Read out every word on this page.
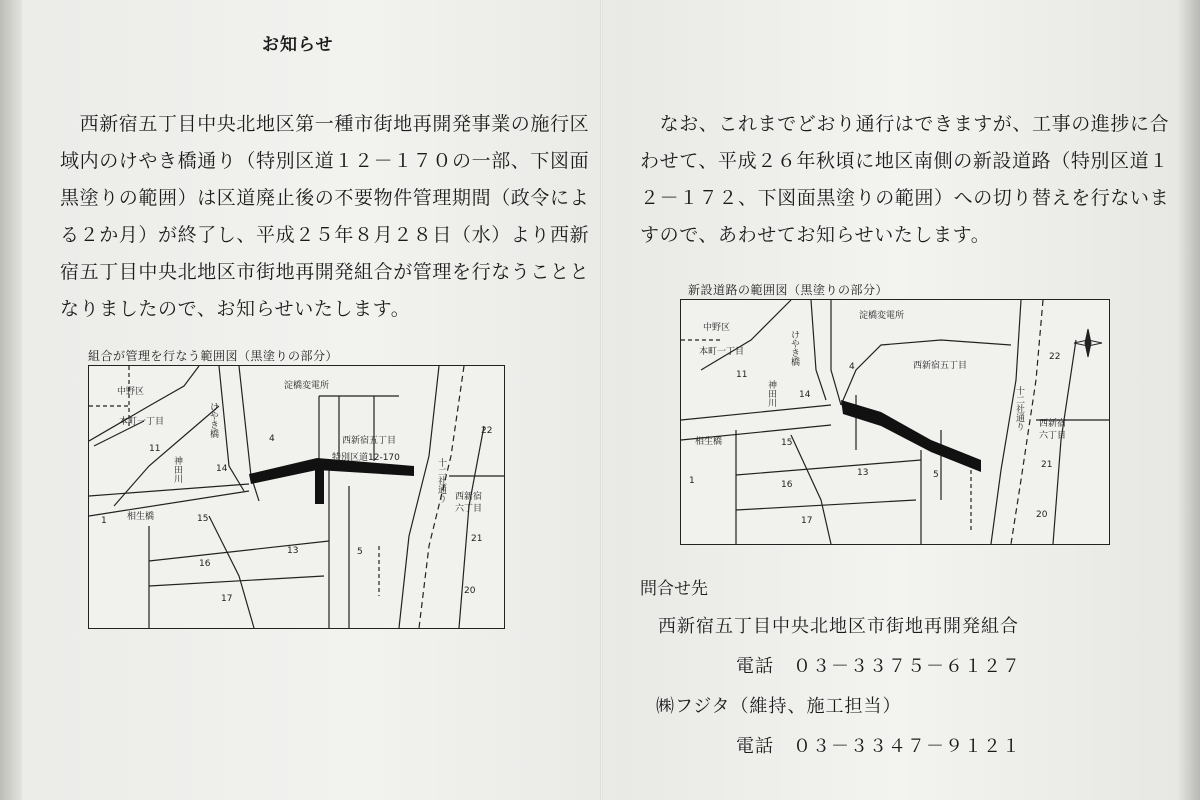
お知らせ
　西新宿五丁目中央北地区第一種市街地再開発事業の施行区
域内のけやき橋通り（特別区道１２－１７０の一部、下図面
黒塗りの範囲）は区道廃止後の不要物件管理期間（政令によ
る２か月）が終了し、平成２５年８月２８日（水）より西新
宿五丁目中央北地区市街地再開発組合が管理を行なうことと
なりましたので、お知らせいたします。
　なお、これまでどおり通行はできますが、工事の進捗に合
わせて、平成２６年秋頃に地区南側の新設道路（特別区道１
２－１７２、下図面黒塗りの範囲）への切り替えを行ないま
すので、あわせてお知らせいたします。
組合が管理を行なう範囲図（黒塗りの部分）
中野区
本町一丁目
11
淀橋変電所
けやき橋
4	西新宿五丁目
特別区道12-170
22
神田川	14	十二社通り 西新宿
六丁目
1 相生橋	15
21
13	5
16
17
20
新設道路の範囲図（黒塗りの部分）
淀橋変電所
中野区
本町一丁目
11
けやき橋
4	西新宿五丁目
22
神田川	14	十二社通り 西新宿
六丁目
相生橋	15
13
21
16
5
1
17
20
問合せ先
西新宿五丁目中央北地区市街地再開発組合
電話　０３－３３７５－６１２７
㈱フジタ（維持、施工担当）
電話　０３－３３４７－９１２１
